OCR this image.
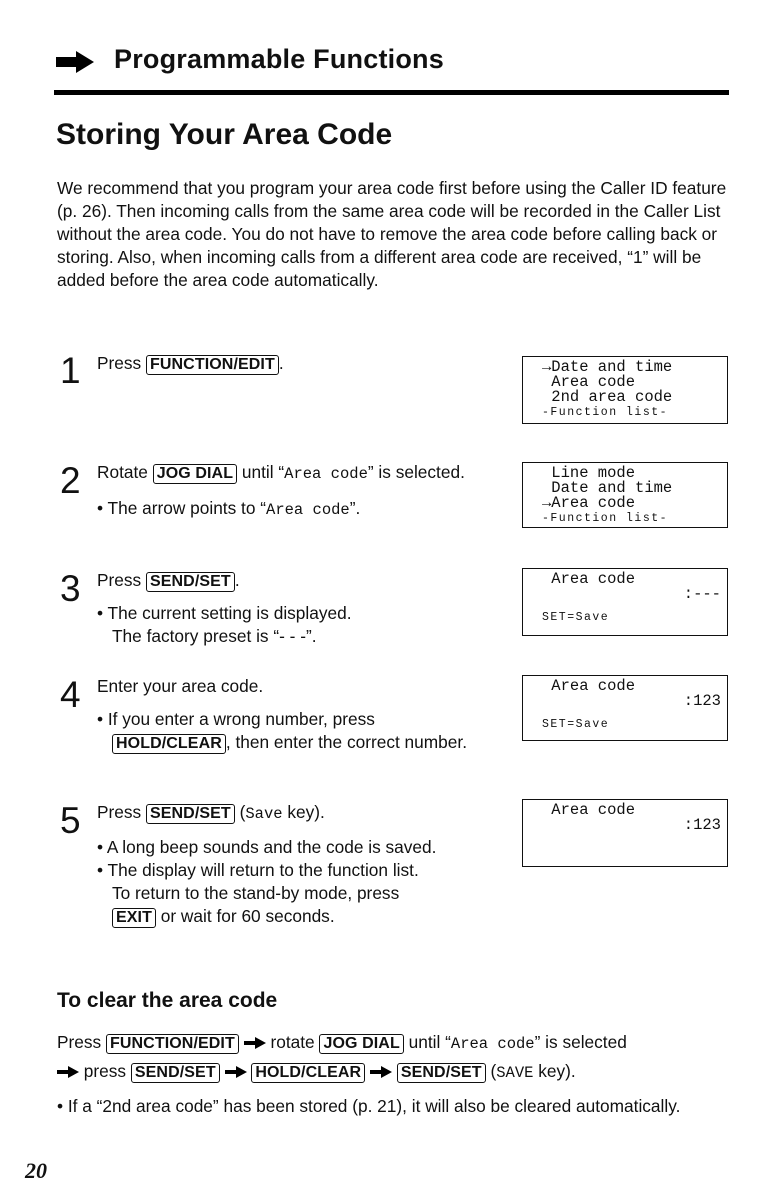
Programmable Functions
Storing Your Area Code

We recommend that you program your area code first before using the Caller ID feature (p. 26). Then incoming calls from the same area code will be recorded in the Caller List without the area code. You do not have to remove the area code before calling back or storing. Also, when incoming calls from a different area code are received, “1” will be added before the area code automatically.

1 Press FUNCTION/EDIT .	→Date and time
Area code
2nd area code
-Function list-
2 Rotate JOG DIAL until “Area code” is selected.

• The arrow points to “Area code”.

Line mode
Date and time
→Area code
-Function list-
3 Press SEND/SET .

• The current setting is displayed.

The factory preset is “- - -”.

Area code
:---
SET=Save
4 Enter your area code.

• If you enter a wrong number, press

HOLD/CLEAR , then enter the correct number.

Area code
:123
SET=Save
5 Press SEND/SET (Save key).

• A long beep sounds and the code is saved.

• The display will return to the function list.

To return to the stand-by mode, press

EXIT or wait for 60 seconds.

Area code
:123
To clear the area code
Press FUNCTION/EDIT  rotate JOG DIAL until “Area code” is selected
press SEND/SET HOLD/CLEAR SEND/SET (SAVE key).
• If a “2nd area code” has been stored (p. 21), it will also be cleared automatically.
20
